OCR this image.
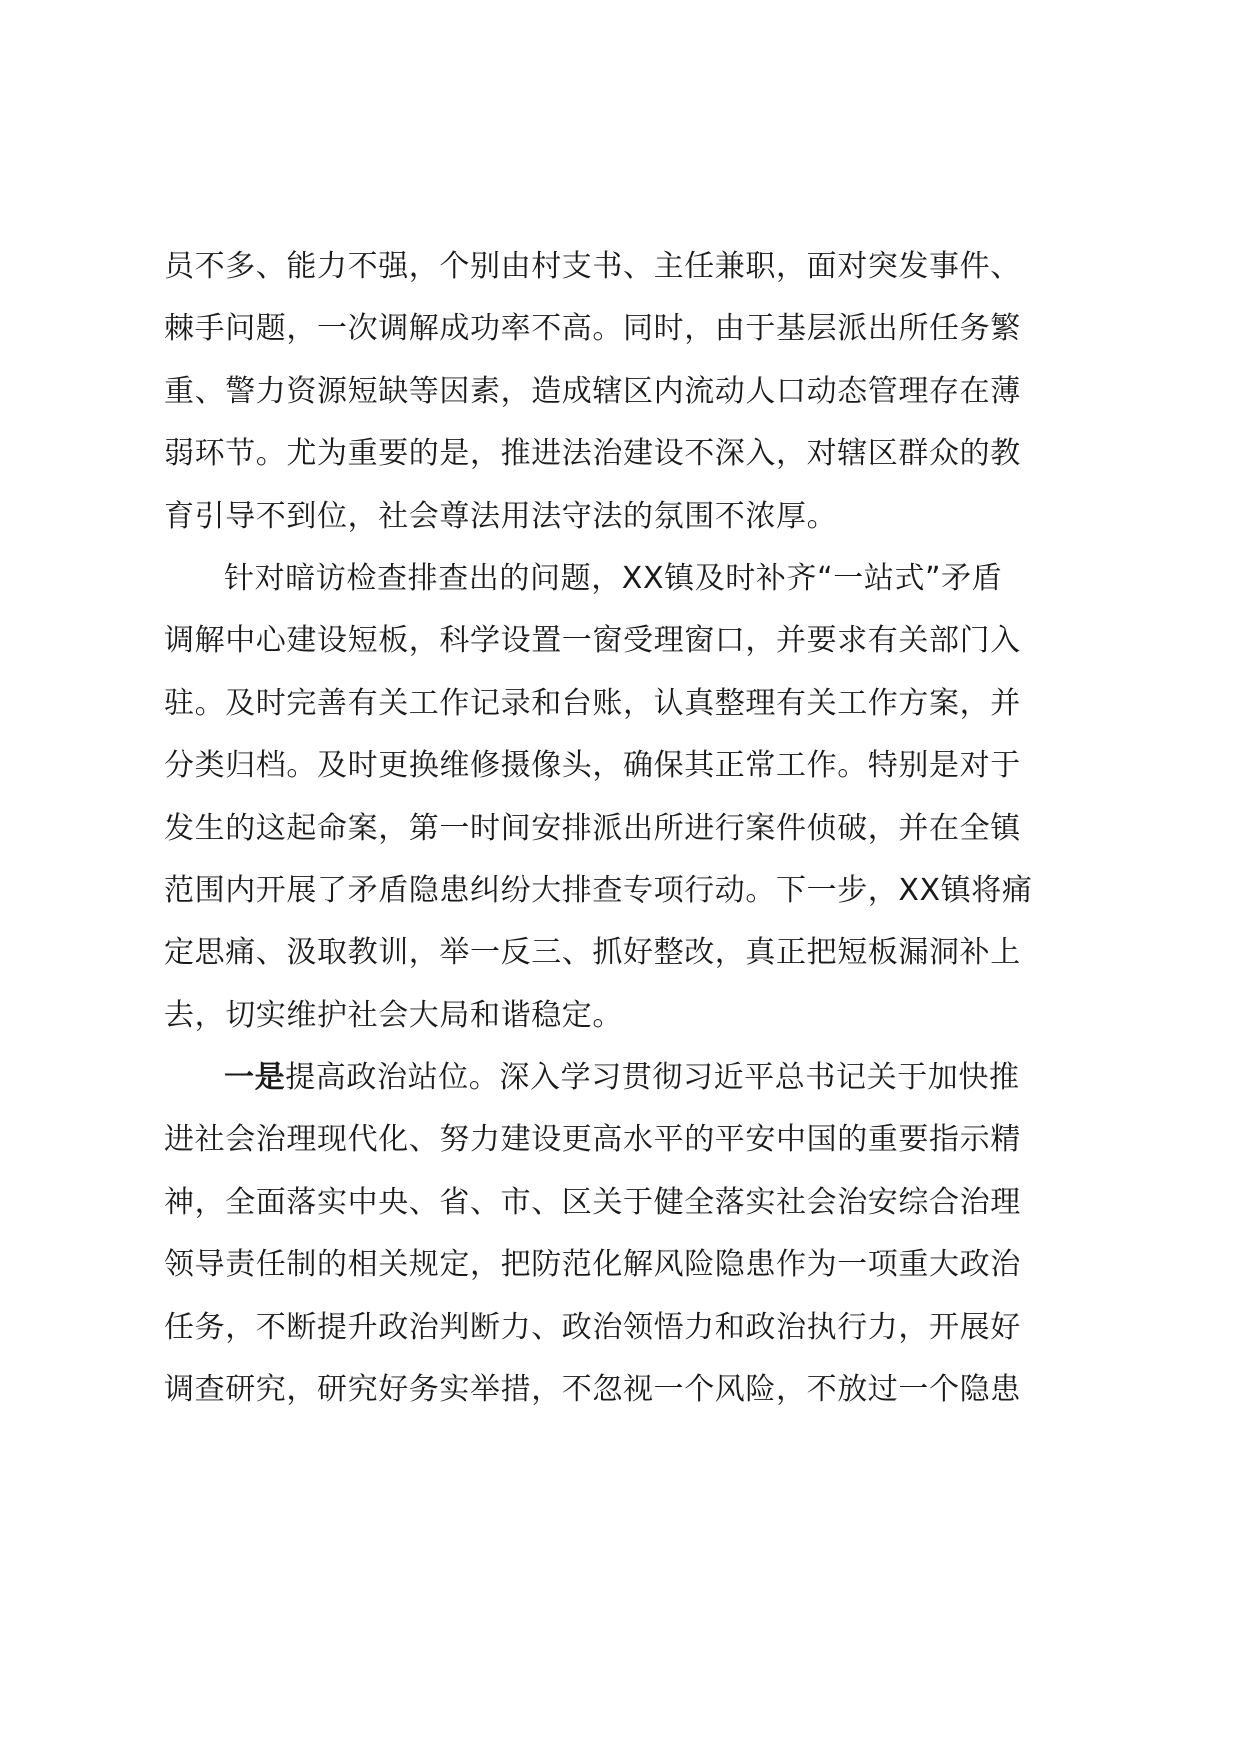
员不多、能力不强，个别由村支书、主任兼职，面对突发事件、
棘手问题，一次调解成功率不高。同时，由于基层派出所任务繁
重、警力资源短缺等因素，造成辖区内流动人口动态管理存在薄
弱环节。尤为重要的是，推进法治建设不深入，对辖区群众的教
育引导不到位，社会尊法用法守法的氛围不浓厚。
针对暗访检查排查出的问题，XX镇及时补齐“一站式”矛盾
调解中心建设短板，科学设置一窗受理窗口，并要求有关部门入
驻。及时完善有关工作记录和台账，认真整理有关工作方案，并
分类归档。及时更换维修摄像头，确保其正常工作。特别是对于
发生的这起命案，第一时间安排派出所进行案件侦破，并在全镇
范围内开展了矛盾隐患纠纷大排查专项行动。下一步，XX镇将痛
定思痛、汲取教训，举一反三、抓好整改，真正把短板漏洞补上
去，切实维护社会大局和谐稳定。
一是提高政治站位。深入学习贯彻习近平总书记关于加快推
进社会治理现代化、努力建设更高水平的平安中国的重要指示精
神，全面落实中央、省、市、区关于健全落实社会治安综合治理
领导责任制的相关规定，把防范化解风险隐患作为一项重大政治
任务，不断提升政治判断力、政治领悟力和政治执行力，开展好
调查研究，研究好务实举措，不忽视一个风险，不放过一个隐患
